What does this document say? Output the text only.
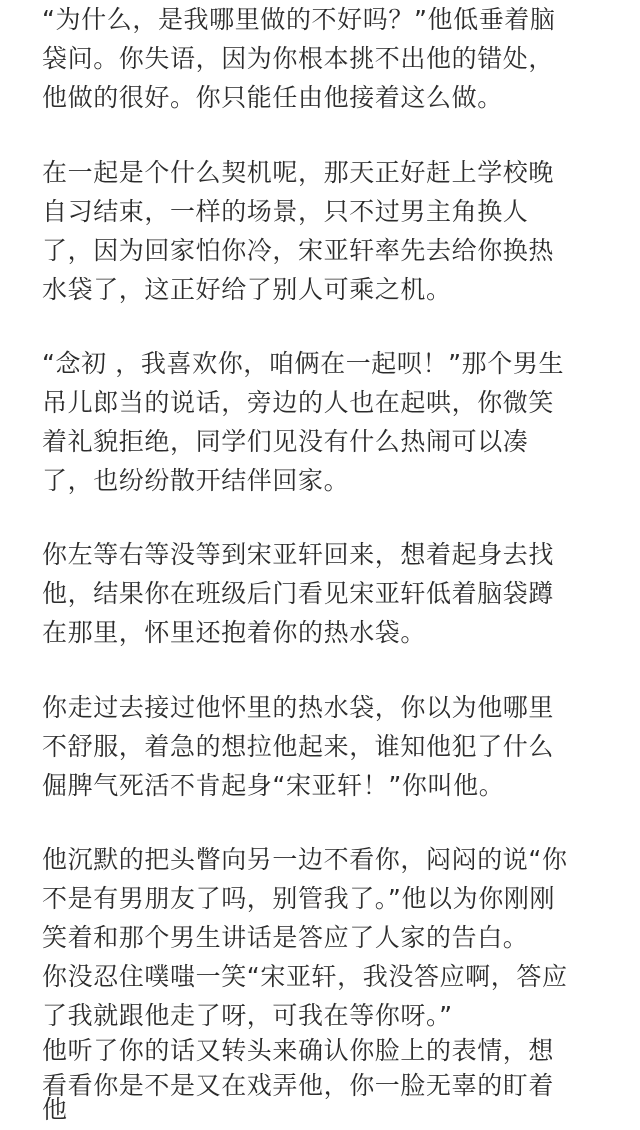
“为什么，是我哪里做的不好吗？”他低垂着脑
袋问。你失语，因为你根本挑不出他的错处，
他做的很好。你只能任由他接着这么做。
在一起是个什么契机呢，那天正好赶上学校晚
自习结束，一样的场景，只不过男主角换人
了，因为回家怕你冷，宋亚轩率先去给你换热
水袋了，这正好给了别人可乘之机。
“念初 ，我喜欢你，咱俩在一起呗！”那个男生
吊儿郎当的说话，旁边的人也在起哄，你微笑
着礼貌拒绝，同学们见没有什么热闹可以凑
了，也纷纷散开结伴回家。
你左等右等没等到宋亚轩回来，想着起身去找
他，结果你在班级后门看见宋亚轩低着脑袋蹲
在那里，怀里还抱着你的热水袋。
你走过去接过他怀里的热水袋，你以为他哪里
不舒服，着急的想拉他起来，谁知他犯了什么
倔脾气死活不肯起身“宋亚轩！”你叫他。
他沉默的把头瞥向另一边不看你，闷闷的说“你
不是有男朋友了吗，别管我了。”他以为你刚刚
笑着和那个男生讲话是答应了人家的告白。
你没忍住噗嗤一笑“宋亚轩，我没答应啊，答应
了我就跟他走了呀，可我在等你呀。”
他听了你的话又转头来确认你脸上的表情，想
看看你是不是又在戏弄他，你一脸无辜的盯着
他
